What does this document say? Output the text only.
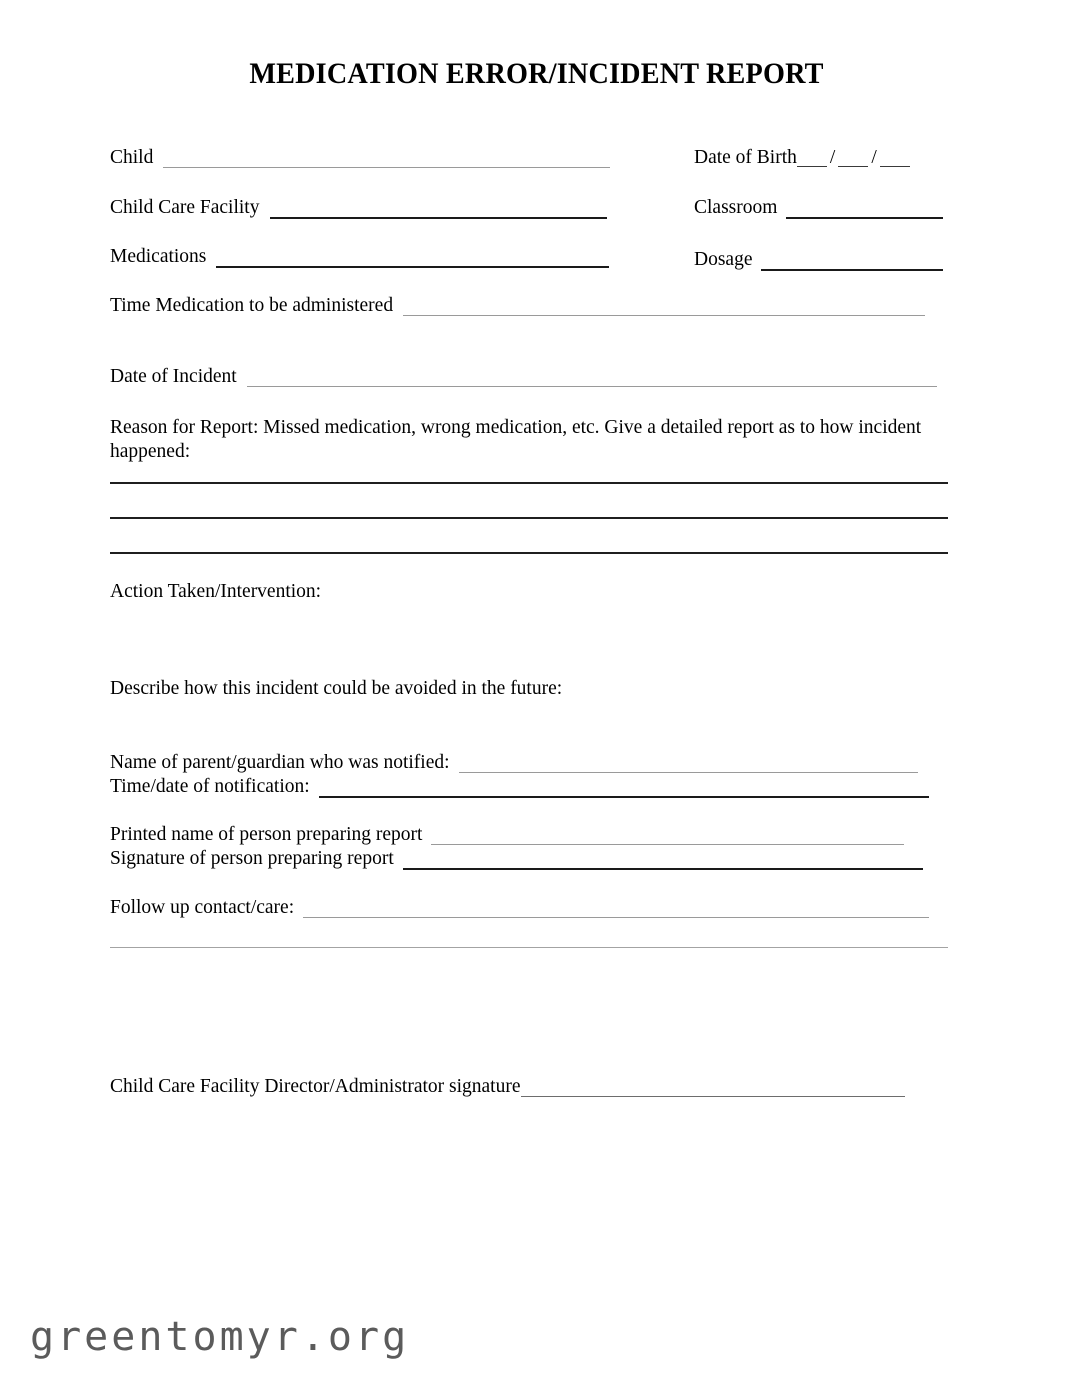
MEDICATION ERROR/INCIDENT REPORT
Child	Date of Birth	/ /
Child Care Facility	Classroom
Medications	Dosage
Time Medication to be administered
Date of Incident
Reason for Report: Missed medication, wrong medication, etc. Give a detailed report as to how incident happened:
Action Taken/Intervention:
Describe how this incident could be avoided in the future:
Name of parent/guardian who was notified:
Time/date of notification:
Printed name of person preparing report
Signature of person preparing report
Follow up contact/care:
Child Care Facility Director/Administrator signature
greentomyr.org
